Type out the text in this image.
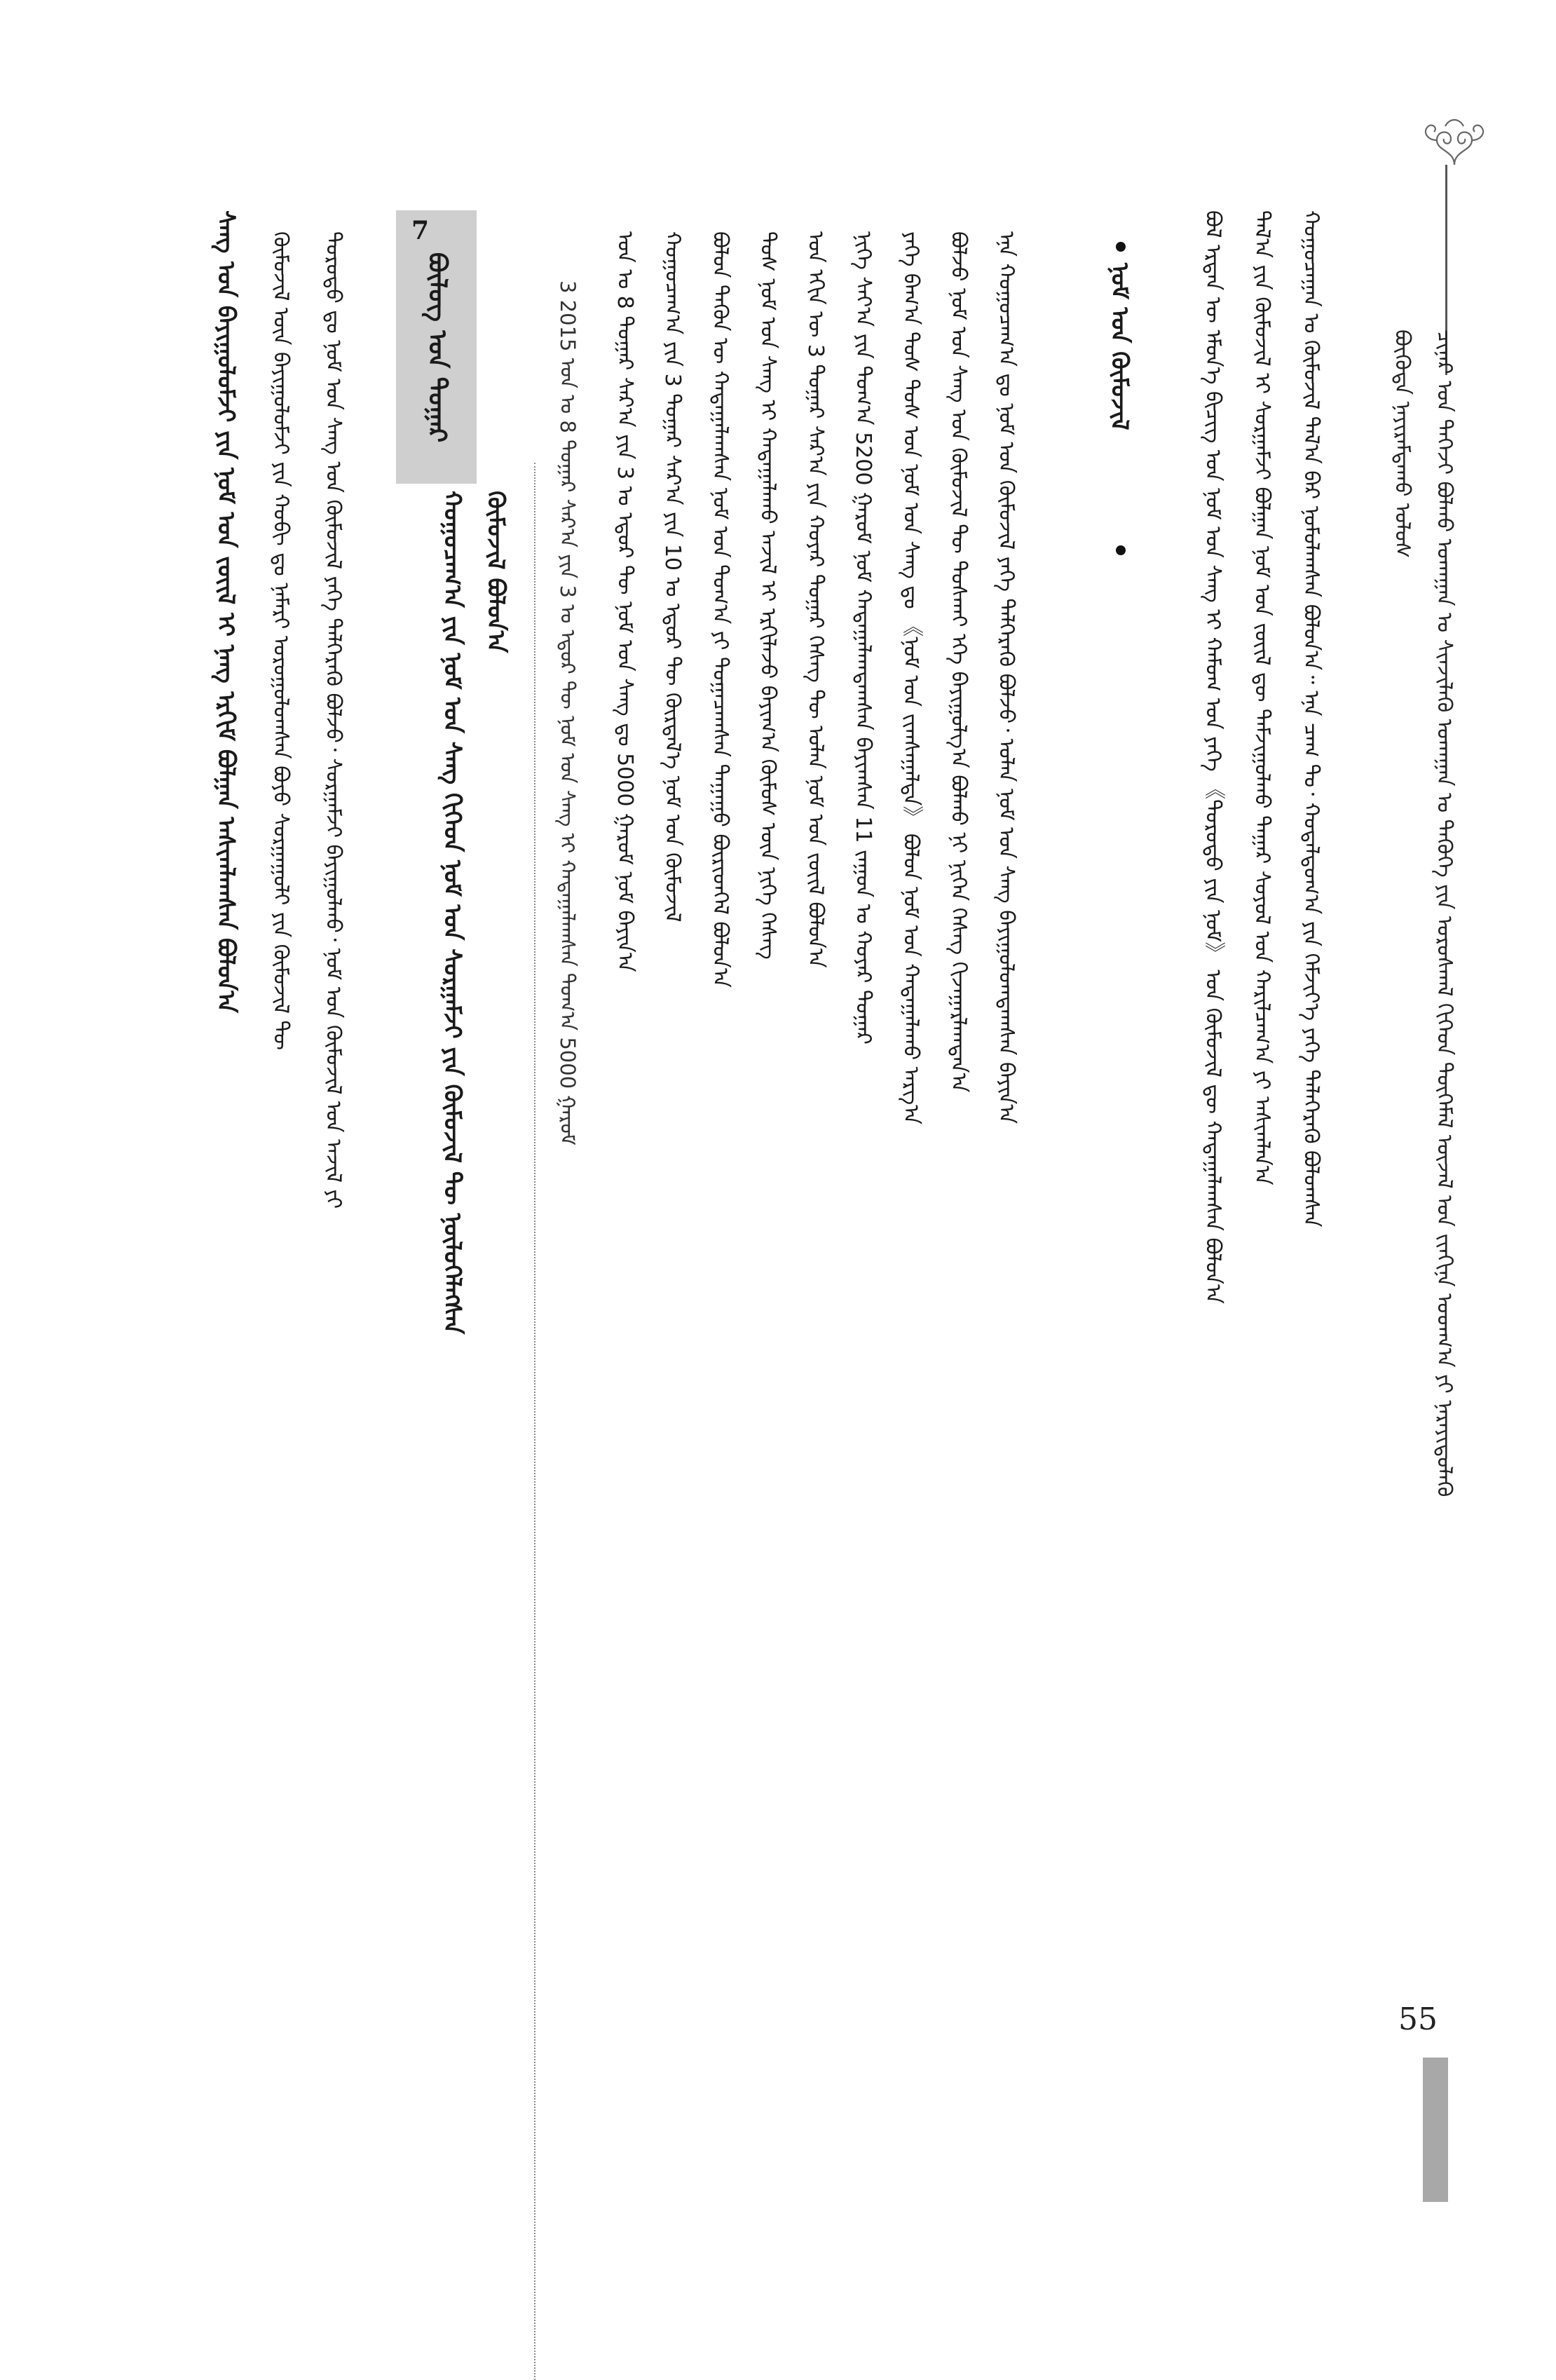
ᠴᠢᠨᠠᠷ ᠤᠨ ᠳᠡᠭᠡᠵᠢ ᠪᠣᠯᠬᠤ ᠤᠬᠠᠭᠠᠨ ᠤ ᠰᠢᠨᠵᠢᠯᠡᠬᠦ ᠤᠬᠠᠭᠠᠨ ᠤ ᠲᠡᠭᠦᠬᠡ ᠶᠢᠨ ᠤᠷᠤᠰᠬᠠᠯ ᠬᠢᠭᠡᠳ ᠲᠦᠭᠡᠮᠡᠯ ᠦᠵᠡᠯ ᠤᠨ ᠵᠢᠨᠬᠢᠨᠡ ᠤᠳᠬ᠎ᠠ ᠶᠢ ᠨᠡᠷᠡᠶᠢᠳᠦᠯᠡᠬᠦ
ᠪᠦᠭᠦᠳᠡ ᠨᠠᠶᠢᠷᠠᠮᠳᠠᠬᠤ ᠤᠯᠤᠰ
ᠬᠤᠭᠤᠴᠠᠭᠠᠨ ᠤ ᠬᠦᠮᠦᠵᠢᠯ ᠲᠠᠯ᠎ᠠ ᠪᠠᠷ ᠨᠣᠮᠤᠯᠠᠭᠰᠠᠨ ᠪᠣᠯᠤᠨ᠎ᠠ᠃ ᠡᠨᠡ ᠴᠠᠭ ᠲᠤ᠂ ᠬᠤᠳᠠᠯᠳᠤᠭ᠎ᠠ ᠶᠢᠨ ᠬᠡᠮᠵᠢᠶ᠎ᠡ ᠶᠡᠬᠡ ᠲᠡᠯᠡᠭᠡᠷᠡᠭᠦ ᠪᠣᠯᠤᠭᠰᠠᠨ
ᠲᠠᠯ᠎ᠠ ᠶᠢᠨ ᠬᠦᠮᠦᠵᠢᠯ ᠢ ᠰᠤᠷᠭᠠᠮᠵᠢ ᠪᠣᠯᠭᠠᠨ ᠨᠣᠮ ᠤᠨ ᠵᠦᠢᠯ ᠳᠦ ᠳᠠᠮᠵᠢᠭᠤᠯᠬᠤ ᠲᠠᠭᠠᠷ ᠰᠣᠶᠣᠯ ᠤᠨ ᠬᠠᠷᠢᠯᠴᠠᠭ᠎ᠠ ᠶᠢ ᠠᠰᠢᠭᠯᠠᠨ᠎ᠠ
ᠪᠣᠯ ᠡᠷᠲᠡᠨ ᠦ ᠡᠮᠦᠨ᠎ᠡ ᠪᠢᠴᠢᠭ ᠤᠨ ᠨᠣᠮ ᠤᠨ ᠰᠠᠩ ᠢ ᠬᠠᠮᠤᠭ ᠤᠨ ᠶᠡᠬᠡ 《ᠳᠣᠷᠤᠳᠤ ᠶᠢᠨ ᠨᠣᠮ》 ᠤᠨ ᠬᠦᠮᠦᠵᠢᠯ ᠳᠦ ᠬᠠᠳᠠᠭᠠᠯᠠᠭᠰᠠᠨ ᠪᠣᠯᠤᠨ᠎ᠠ
ᠨᠣᠮ ᠤᠨ ᠬᠦᠮᠦᠵᠢᠯ
ᠡᠨᠡ ᠬᠤᠭᠤᠴᠠᠭ᠎ᠠ ᠳᠤ ᠨᠣᠮ ᠤᠨ ᠬᠦᠮᠦᠵᠢᠯ ᠶᠡᠬᠡ ᠳᠡᠯᠭᠡᠷᠡᠭᠦ ᠪᠣᠯᠵᠤ᠂ ᠣᠯᠠᠨ ᠨᠣᠮ ᠤᠨ ᠰᠠᠩ ᠪᠠᠶᠢᠭᠤᠯᠤᠭᠳᠠᠭᠰᠠᠨ ᠪᠠᠶᠢᠨ᠎ᠠ
ᠪᠣᠯᠵᠤ ᠨᠣᠮ ᠤᠨ ᠰᠠᠩ ᠤᠨ ᠬᠦᠮᠦᠵᠢᠯ ᠲᠦ ᠲᠤᠰᠬᠠᠶ ᠡᠬᠡ ᠪᠠᠶᠢᠭᠤᠯᠭ᠎ᠠ ᠪᠣᠯᠬᠤ ᠨᠢ ᠨᠢᠭᠡᠨ ᠬᠡᠰᠡᠭ ᠬᠢᠵᠠᠭᠠᠷᠯᠠᠭᠳᠠᠨ᠎ᠠ
ᠶᠡᠬᠡ ᠪᠠᠭ᠎ᠠ ᠲᠤᠰ ᠲᠤᠰ ᠤᠨ ᠨᠣᠮ ᠤᠨ ᠰᠠᠩ ᠳᠤ 《ᠨᠣᠮ ᠤᠨ ᠵᠢᠭᠰᠠᠭᠠᠯᠲᠠ》 ᠪᠣᠯᠤᠨ ᠨᠣᠮ ᠤᠨ ᠬᠠᠳᠠᠭᠠᠯᠠᠬᠤ ᠠᠷᠭ᠎ᠠ
ᠨᠢᠭᠡ ᠰᠠᠶ᠎ᠠ ᠶᠢᠨ ᠲᠣᠭ᠎ᠠ 5200 ᠭᠠᠷᠤᠮ ᠨᠣᠮ ᠬᠠᠳᠠᠭᠠᠯᠠᠭᠳᠠᠭᠰᠠᠨ ᠪᠠᠶᠢᠭᠰᠠᠨ 11 ᠵᠠᠭᠤᠨ ᠤ ᠬᠣᠶᠠᠷ ᠳᠤᠭᠠᠷ
ᠤᠨ ᠡᠬᠢᠨ ᠦ 3 ᠳᠤᠭᠠᠷ ᠰᠠᠷ᠎ᠠ ᠶᠢᠨ ᠬᠣᠶᠠᠷ ᠳᠤᠭᠠᠷ ᠬᠡᠰᠡᠭ ᠲᠦ ᠣᠯᠠᠨ ᠨᠣᠮ ᠤᠨ ᠵᠦᠢᠯ ᠪᠣᠯᠤᠨ᠎ᠠ
ᠲᠤᠰ ᠨᠣᠮ ᠤᠨ ᠰᠠᠩ ᠢ ᠬᠠᠳᠠᠭᠠᠯᠠᠬᠤ ᠠᠵᠢᠯ ᠢ ᠡᠷᠬᠢᠯᠡᠵᠦ ᠪᠠᠶᠢᠭ᠎ᠠ ᠬᠦᠮᠦᠰ ᠦᠨ ᠨᠢᠭᠡ ᠬᠡᠰᠡᠭ
ᠪᠣᠯᠤᠨ ᠲᠡᠭᠦᠨ ᠦ ᠬᠠᠳᠠᠭᠠᠯᠠᠭᠰᠠᠨ ᠨᠣᠮ ᠤᠨ ᠲᠣᠭ᠎ᠠ ᠶᠢ ᠲᠣᠭᠠᠴᠠᠭᠰᠠᠨ ᠳᠠᠭᠠᠭᠤ ᠪᠦᠷᠢᠳᠬᠡᠯ ᠪᠣᠯᠤᠨ᠎ᠠ
ᠬᠤᠭᠤᠴᠠᠭ᠎ᠠ ᠶᠢᠨ 3 ᠳᠤᠭᠠᠷ ᠰᠠᠷ᠎ᠠ ᠶᠢᠨ 10 ᠤ ᠡᠳᠦᠷ ᠲᠦ ᠬᠦᠷᠲᠡᠯ᠎ᠡ ᠨᠣᠮ ᠤᠨ ᠬᠦᠮᠦᠵᠢᠯ
ᠣᠨ ᠤ 8 ᠳᠤᠭᠠᠷ ᠰᠠᠷ᠎ᠠ ᠶᠢᠨ 3 ᠤ ᠡᠳᠦᠷ ᠲᠦ ᠨᠣᠮ ᠤᠨ ᠰᠠᠩ ᠳᠤ 5000 ᠭᠠᠷᠤᠮ ᠨᠣᠮ ᠪᠠᠶᠢᠨ᠎ᠠ
3 2015 ᠣᠨ ᠤ 8 ᠳᠤᠭᠠᠷ ᠰᠠᠷ᠎ᠠ ᠶᠢᠨ 3 ᠤ ᠡᠳᠦᠷ ᠲᠦ ᠨᠣᠮ ᠤᠨ ᠰᠠᠩ ᠢ ᠬᠠᠳᠠᠭᠠᠯᠠᠭᠰᠠᠨ ᠲᠣᠭ᠎ᠠ 5000 ᠭᠠᠷᠤᠮ
7
ᠪᠦᠯᠦᠭ ᠤᠨ ᠳᠤᠭᠠᠷ
ᠬᠤᠭᠤᠴᠠᠭ᠎ᠠ ᠶᠢᠨ ᠨᠣᠮ ᠤᠨ ᠰᠠᠩ ᠬᠢᠭᠡᠳ ᠨᠣᠮ ᠤᠨ ᠰᠤᠷᠭᠠᠮᠵᠢ ᠶᠢᠨ ᠬᠦᠮᠦᠵᠢᠯ ᠲᠦ ᠨᠦᠯᠦᠭᠡᠯᠡᠭᠰᠡᠨ ᠬᠦᠮᠦᠵᠢᠯ ᠪᠣᠯᠤᠨ᠎ᠠ
ᠳᠣᠷᠤᠳᠤ ᠳᠤ ᠨᠣᠮ ᠤᠨ ᠰᠠᠩ ᠤᠨ ᠬᠦᠮᠦᠵᠢᠯ ᠶᠡᠬᠡ ᠳᠡᠯᠭᠡᠷᠡᠭᠦ ᠪᠣᠯᠵᠤ᠂ ᠰᠤᠷᠭᠠᠮᠵᠢ ᠪᠠᠶᠢᠭᠤᠯᠬᠤ᠂ ᠨᠣᠮ ᠤᠨ ᠬᠦᠮᠦᠵᠢᠯ ᠤᠨ ᠠᠵᠢᠯ ᠶᠢ
ᠬᠦᠮᠦᠵᠢᠯ ᠦᠨ ᠪᠠᠶᠢᠭᠤᠯᠤᠮᠵᠢ ᠶᠢᠨ ᠬᠤᠪᠢ ᠳᠤ ᠨᠡᠮᠡᠷᠢ ᠣᠷᠣᠭᠤᠯᠤᠭᠰᠠᠨ ᠪᠤᠶᠤ ᠰᠤᠷᠭᠠᠭᠤᠯᠢ ᠶᠢᠨ ᠬᠦᠮᠦᠵᠢᠯ ᠲᠦ
ᠰᠠᠩ ᠤᠨ ᠪᠠᠶᠢᠭᠤᠯᠤᠮᠵᠢ ᠶᠢᠨ ᠨᠣᠮ ᠤᠨ ᠵᠦᠢᠯ ᠢ ᠨᠡᠩ ᠡᠷᠬᠢᠮ ᠪᠣᠯᠭᠠᠨ ᠠᠰᠢᠭᠯᠠᠭᠰᠠᠨ ᠪᠣᠯᠤᠨ᠎ᠠ
55
